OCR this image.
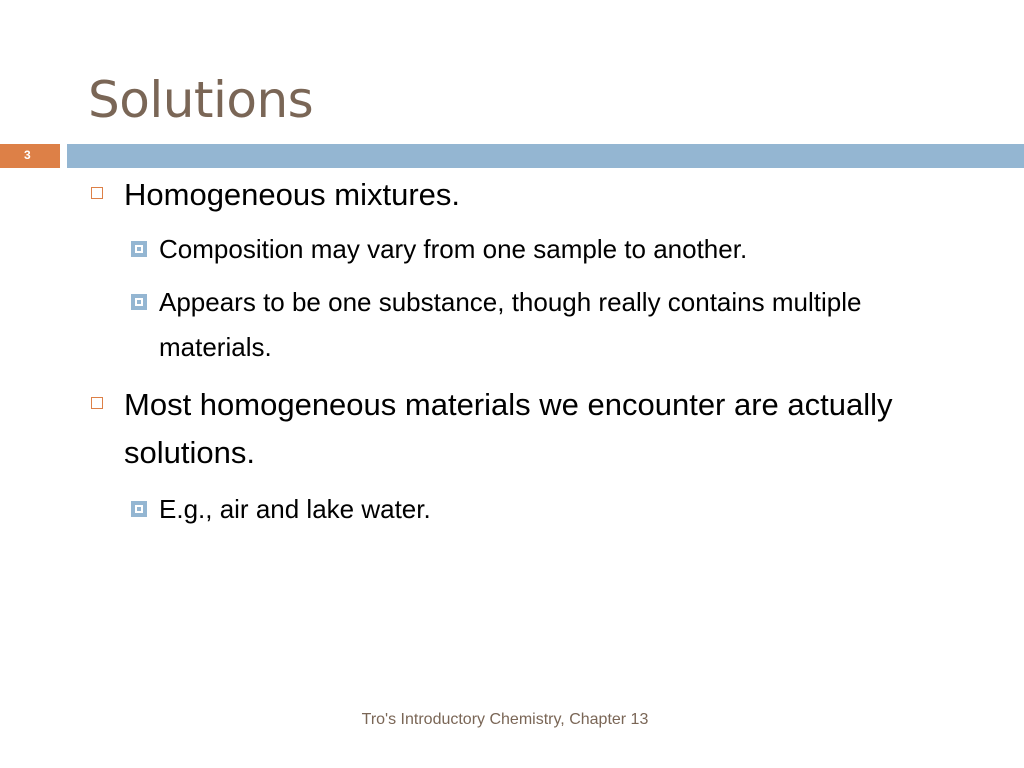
Solutions
3
Homogeneous mixtures.
Composition may vary from one sample to another.
Appears to be one substance, though really contains multiple materials.
Most homogeneous materials we encounter are actually solutions.
E.g., air and lake water.
Tro's Introductory Chemistry, Chapter 13
